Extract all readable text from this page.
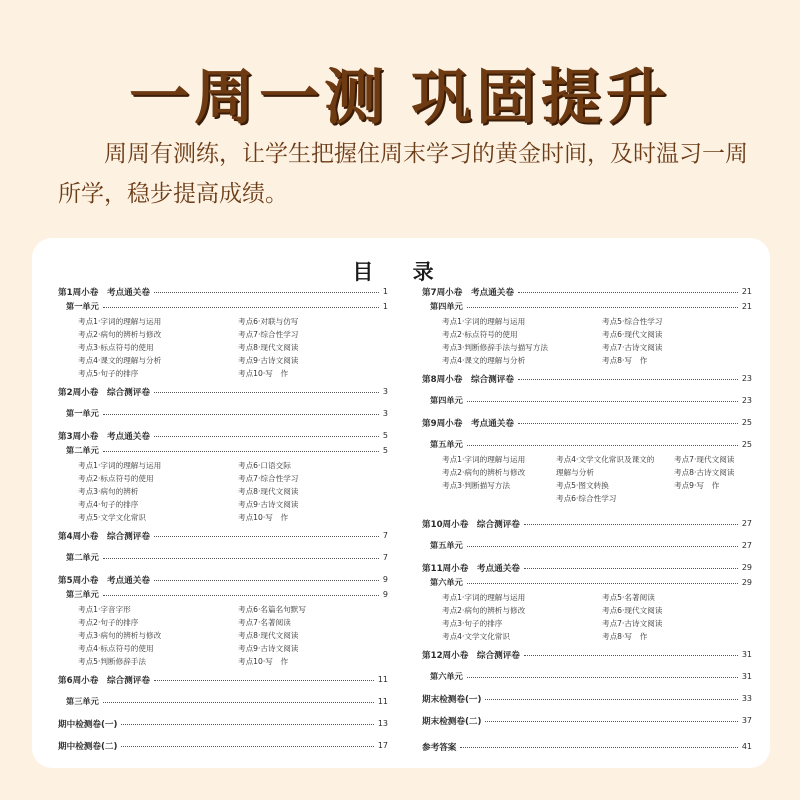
一周一测 巩固提升
周周有测练，让学生把握住周末学习的黄金时间，及时温习一周所学，稳步提高成绩。
目 录
第1周小卷　考点通关卷	1
第一单元	1
考点1·字词的理解与运用	考点6·对联与仿写
考点2·病句的辨析与修改	考点7·综合性学习
考点3·标点符号的使用	考点8·现代文阅读
考点4·课文的理解与分析	考点9·古诗文阅读
考点5·句子的排序	考点10·写　作
第2周小卷　综合测评卷	3
第一单元	3
第3周小卷　考点通关卷	5
第二单元	5
考点1·字词的理解与运用	考点6·口语交际
考点2·标点符号的使用	考点7·综合性学习
考点3·病句的辨析	考点8·现代文阅读
考点4·句子的排序	考点9·古诗文阅读
考点5·文学文化常识	考点10·写　作
第4周小卷　综合测评卷	7
第二单元	7
第5周小卷　考点通关卷	9
第三单元	9
考点1·字音字形	考点6·名篇名句默写
考点2·句子的排序	考点7·名著阅读
考点3·病句的辨析与修改	考点8·现代文阅读
考点4·标点符号的使用	考点9·古诗文阅读
考点5·判断修辞手法	考点10·写　作
第6周小卷　综合测评卷	11
第三单元	11
期中检测卷(一)	13
期中检测卷(二)	17
第7周小卷　考点通关卷	21
第四单元	21
考点1·字词的理解与运用	考点5·综合性学习
考点2·标点符号的使用	考点6·现代文阅读
考点3·判断修辞手法与描写方法	考点7·古诗文阅读
考点4·课文的理解与分析	考点8·写　作
第8周小卷　综合测评卷	23
第四单元	23
第9周小卷　考点通关卷	25
第五单元	25
考点1·字词的理解与运用	考点4·文学文化常识及课文的	考点7·现代文阅读
考点2·病句的辨析与修改	理解与分析	考点8·古诗文阅读
考点3·判断描写方法	考点5·图文转换	考点9·写　作
考点6·综合性学习
第10周小卷　综合测评卷	27
第五单元	27
第11周小卷　考点通关卷	29
第六单元	29
考点1·字词的理解与运用	考点5·名著阅读
考点2·病句的辨析与修改	考点6·现代文阅读
考点3·句子的排序	考点7·古诗文阅读
考点4·文学文化常识	考点8·写　作
第12周小卷　综合测评卷	31
第六单元	31
期末检测卷(一)	33
期末检测卷(二)	37
参考答案	41
